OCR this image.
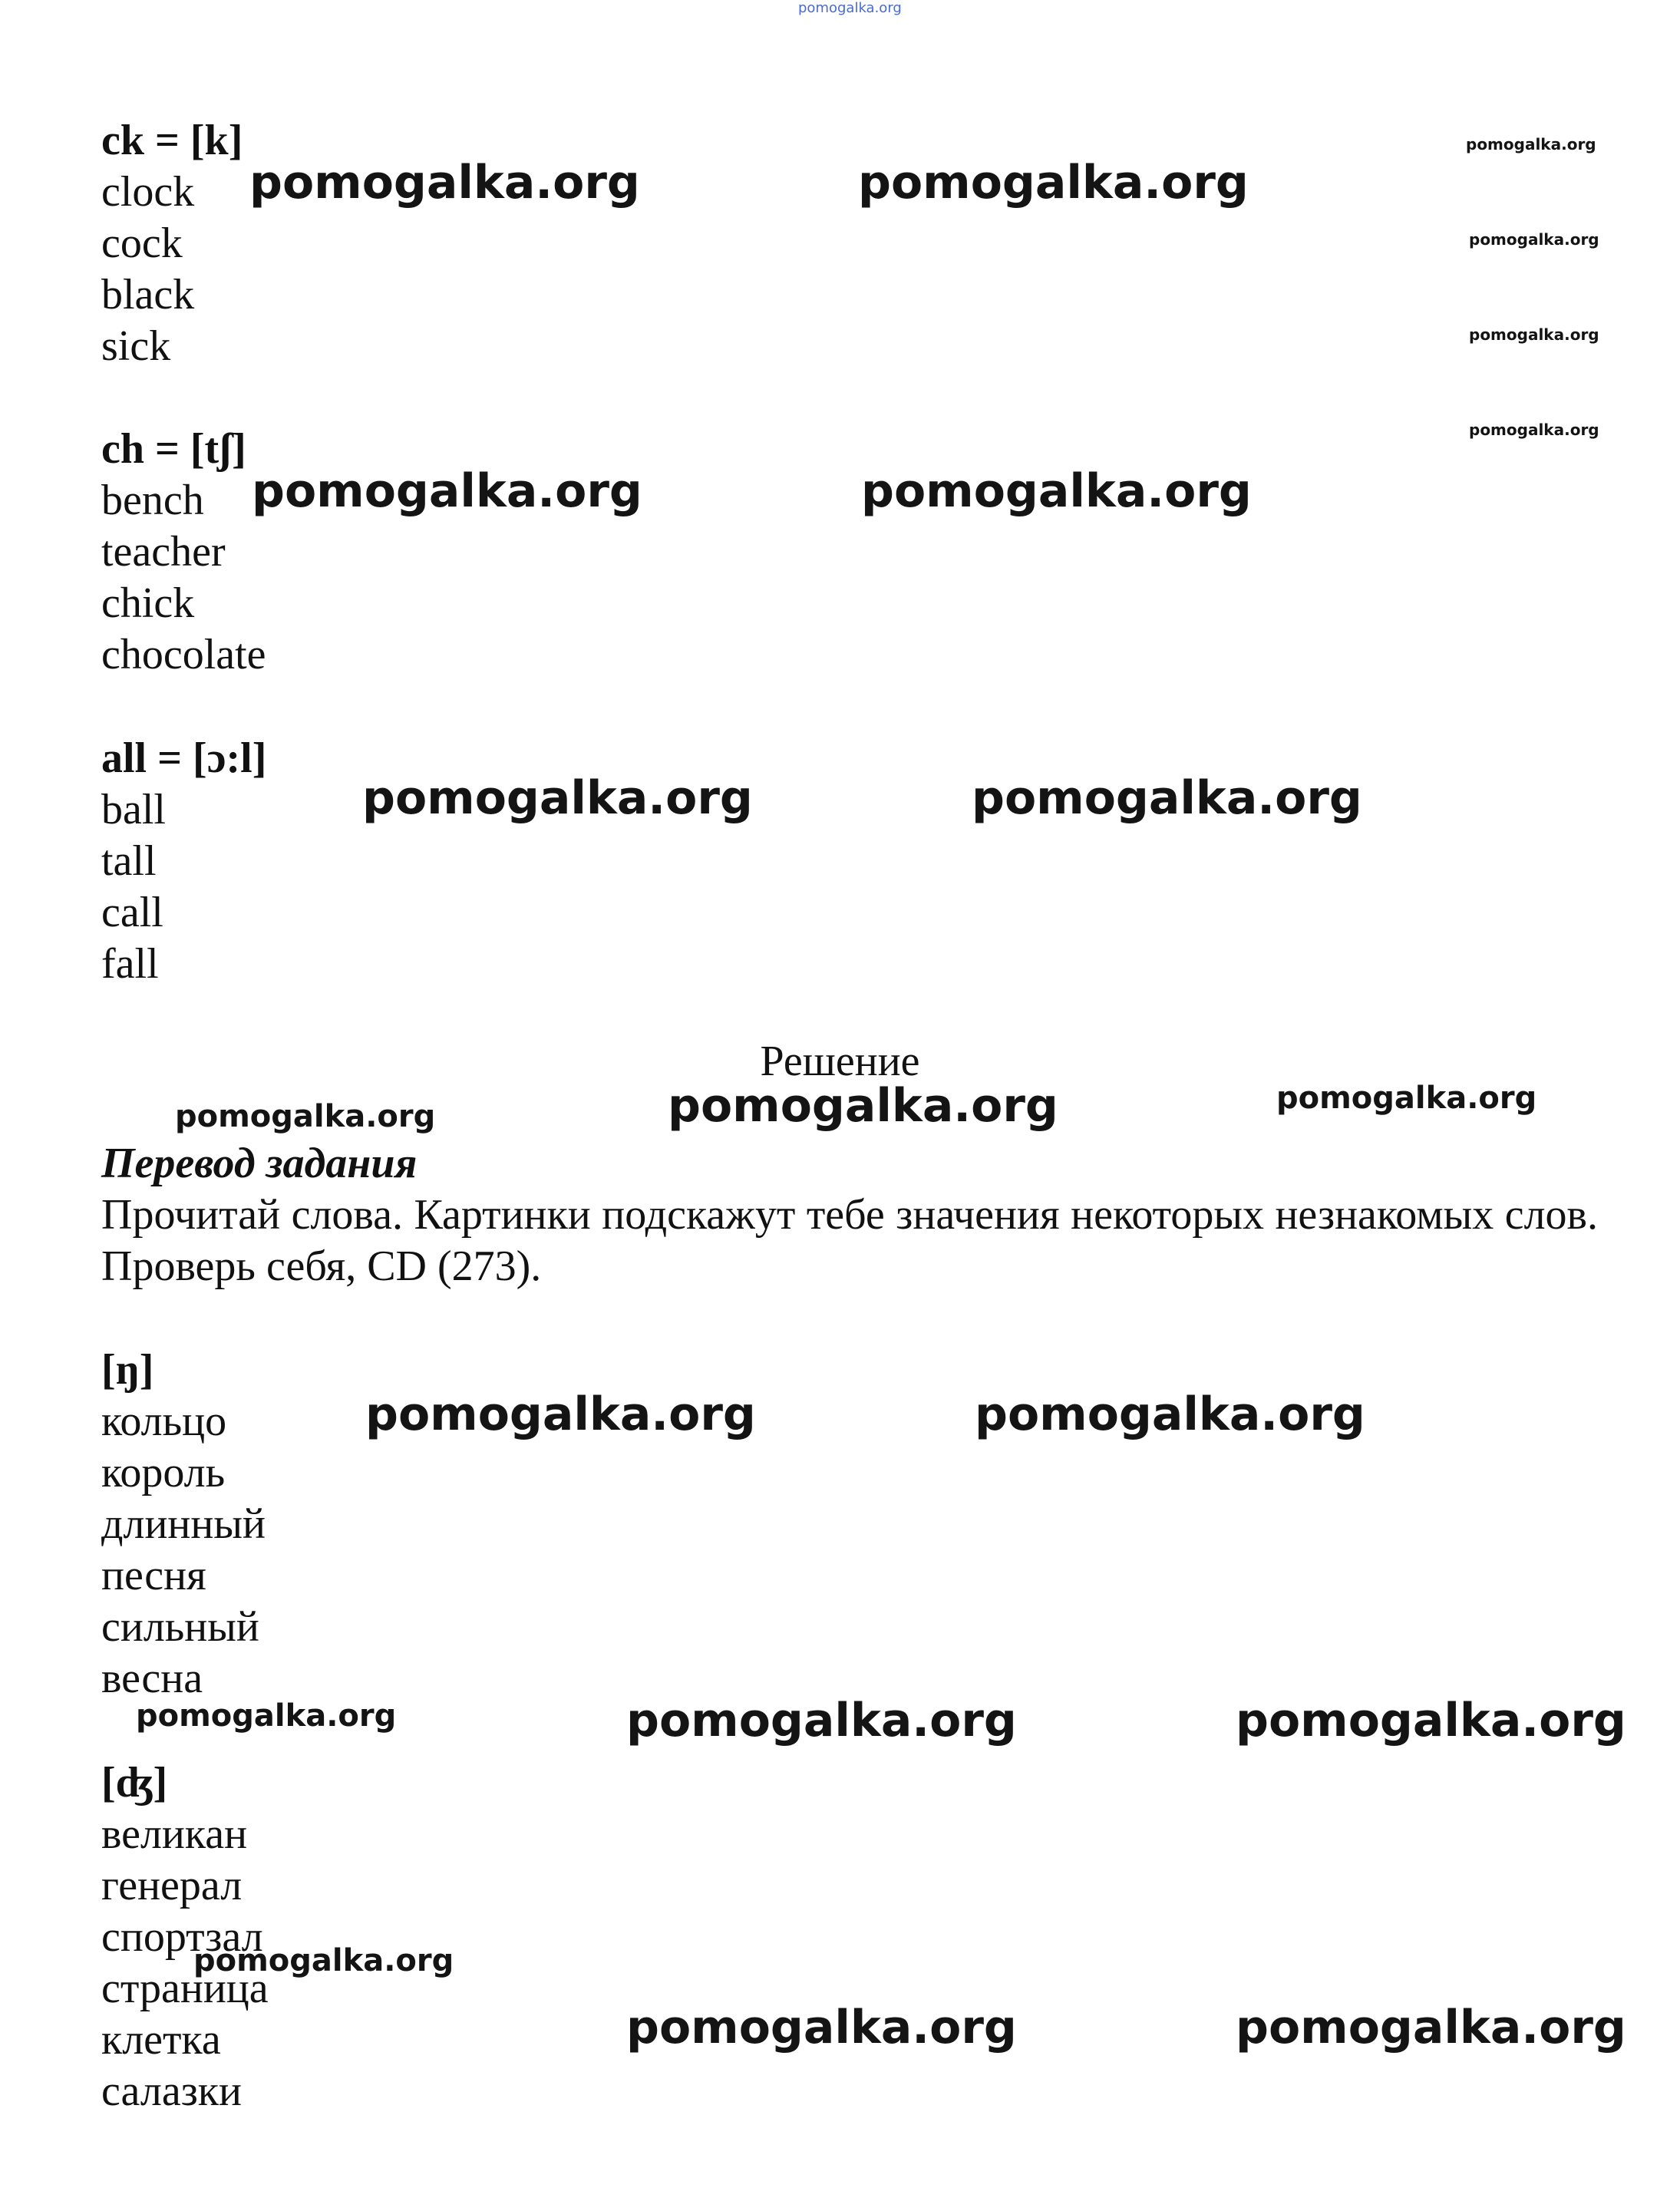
pomogalka.org
ck = [k]
clock
cock
black
sick
ch = [tʃ]
bench
teacher
chick
chocolate
all = [ɔ:l]
ball
tall
call
fall
Решение
Перевод задания
Прочитай слова. Картинки подскажут тебе значения некоторых незнакомых слов. Проверь себя, CD (273).
[ŋ]
кольцо
король
длинный
песня
сильный
весна
[ʤ]
великан
генерал
спортзал
страница
клетка
салазки
pomogalka.org	pomogalka.org
pomogalka.org
pomogalka.org
pomogalka.org
pomogalka.org
pomogalka.org	pomogalka.org
pomogalka.org	pomogalka.org
pomogalka.org	pomogalka.org	pomogalka.org
pomogalka.org	pomogalka.org
pomogalka.org	pomogalka.org	pomogalka.org
pomogalka.org
pomogalka.org	pomogalka.org
